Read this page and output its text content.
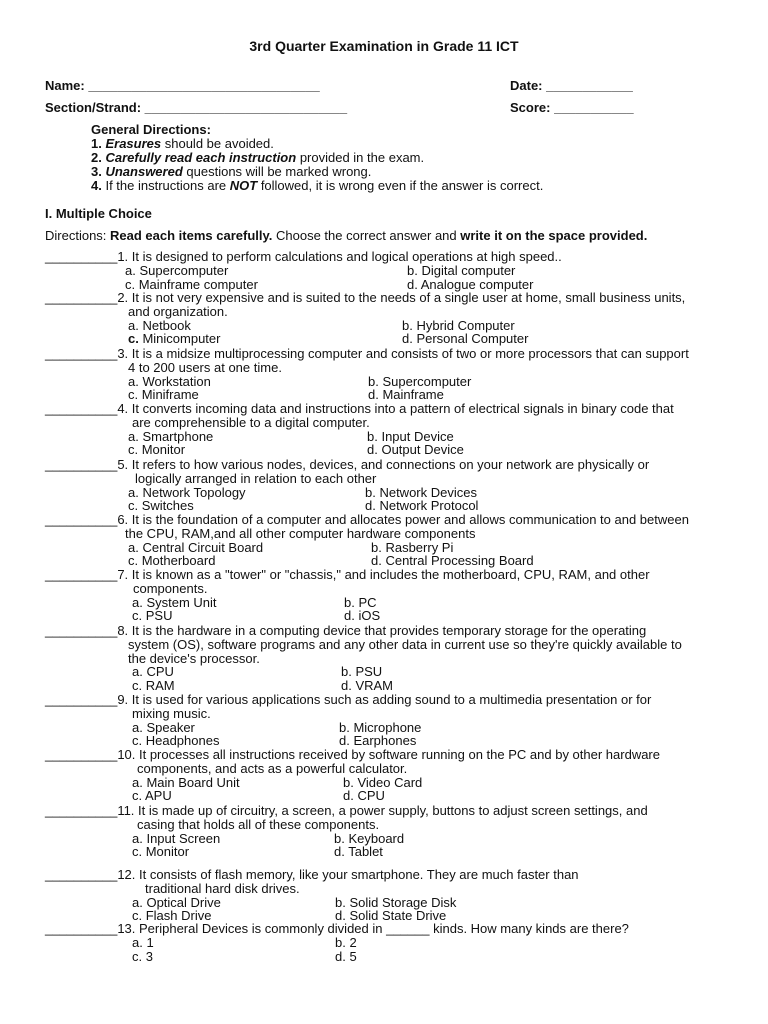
3rd Quarter Examination in Grade 11 ICT
Name: ________________________________	Date: ____________
Section/Strand: ____________________________	Score: ___________
General Directions:
1. Erasures should be avoided.
2. Carefully read each instruction provided in the exam.
3. Unanswered questions will be marked wrong.
4. If the instructions are NOT followed, it is wrong even if the answer is correct.
I. Multiple Choice
Directions: Read each items carefully. Choose the correct answer and write it on the space provided.
__________1. It is designed to perform calculations and logical operations at high speed..
a. Supercomputer	b. Digital computer
c. Mainframe computer	d. Analogue computer
__________2. It is not very expensive and is suited to the needs of a single user at home, small business units,
and organization.
a. Netbook	b. Hybrid Computer
c. Minicomputer	d. Personal Computer
__________3. It is a midsize multiprocessing computer and consists of two or more processors that can support
4 to 200 users at one time.
a. Workstation	b. Supercomputer
c. Miniframe	d. Mainframe
__________4. It converts incoming data and instructions into a pattern of electrical signals in binary code that
are comprehensible to a digital computer.
a. Smartphone	b. Input Device
c. Monitor	d. Output Device
__________5. It refers to how various nodes, devices, and connections on your network are physically or
logically arranged in relation to each other
a. Network Topology	b. Network Devices
c. Switches	d. Network Protocol
__________6. It is the foundation of a computer and allocates power and allows communication to and between
the CPU, RAM,and all other computer hardware components
a. Central Circuit Board	b. Rasberry Pi
c. Motherboard	d. Central Processing Board
__________7. It is known as a "tower" or "chassis," and includes the motherboard, CPU, RAM, and other
components.
a. System Unit	b. PC
c. PSU	d. iOS
__________8. It is the hardware in a computing device that provides temporary storage for the operating
system (OS), software programs and any other data in current use so they're quickly available to
the device's processor.
a. CPU	b. PSU
c. RAM	d. VRAM
__________9. It is used for various applications such as adding sound to a multimedia presentation or for
mixing music.
a. Speaker	b. Microphone
c. Headphones	d. Earphones
__________10. It processes all instructions received by software running on the PC and by other hardware
components, and acts as a powerful calculator.
a. Main Board Unit	b. Video Card
c. APU	d. CPU
__________11. It is made up of circuitry, a screen, a power supply, buttons to adjust screen settings, and
casing that holds all of these components.
a. Input Screen	b. Keyboard
c. Monitor	d. Tablet
__________12. It consists of flash memory, like your smartphone. They are much faster than
traditional hard disk drives.
a. Optical Drive	b. Solid Storage Disk
c. Flash Drive	d. Solid State Drive
__________13. Peripheral Devices is commonly divided in ______ kinds. How many kinds are there?
a. 1	b. 2
c. 3	d. 5
